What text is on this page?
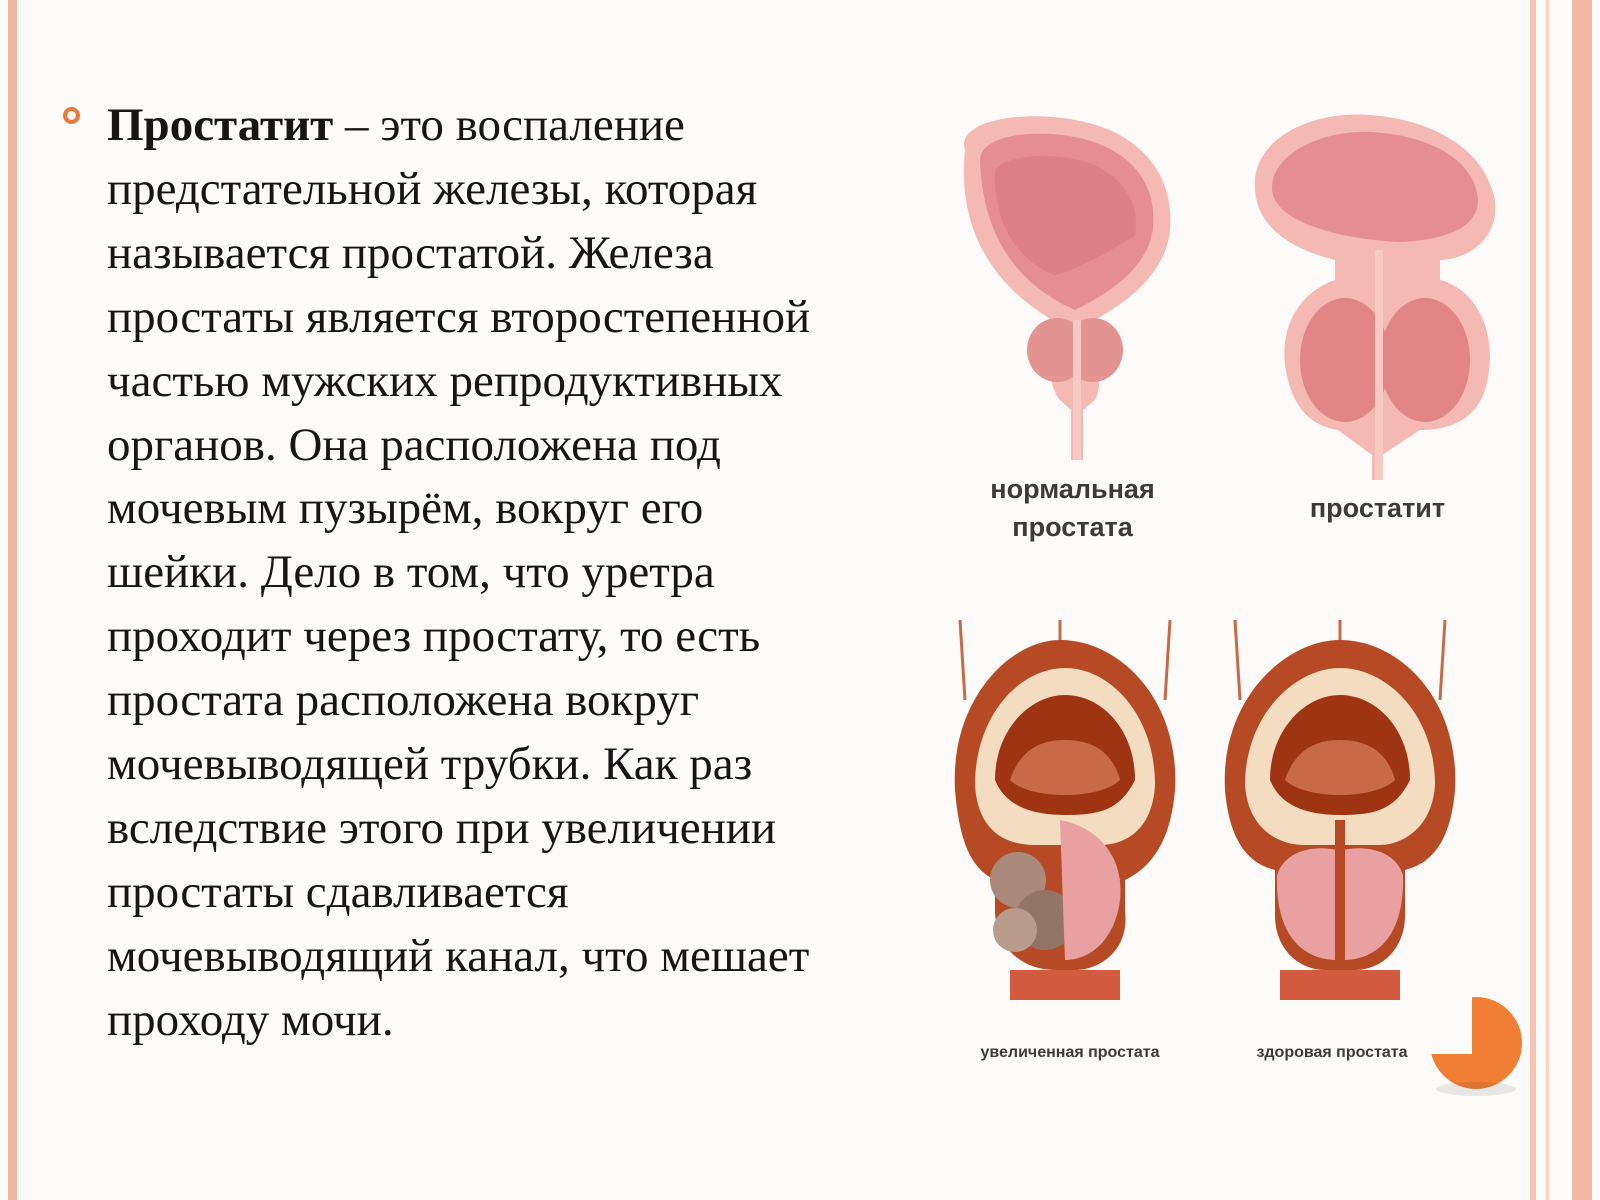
Простатит – это воспаление
предстательной железы, которая
называется простатой. Железа
простаты является второстепенной
частью мужских репродуктивных
органов. Она расположена под
мочевым пузырём, вокруг его
шейки. Дело в том, что уретра
проходит через простату, то есть
простата расположена вокруг
мочевыводящей трубки. Как раз
вследствие этого при увеличении
простаты сдавливается
мочевыводящий канал, что мешает
проходу мочи.
нормальная
простата
простатит
увеличенная простата	здоровая простата
